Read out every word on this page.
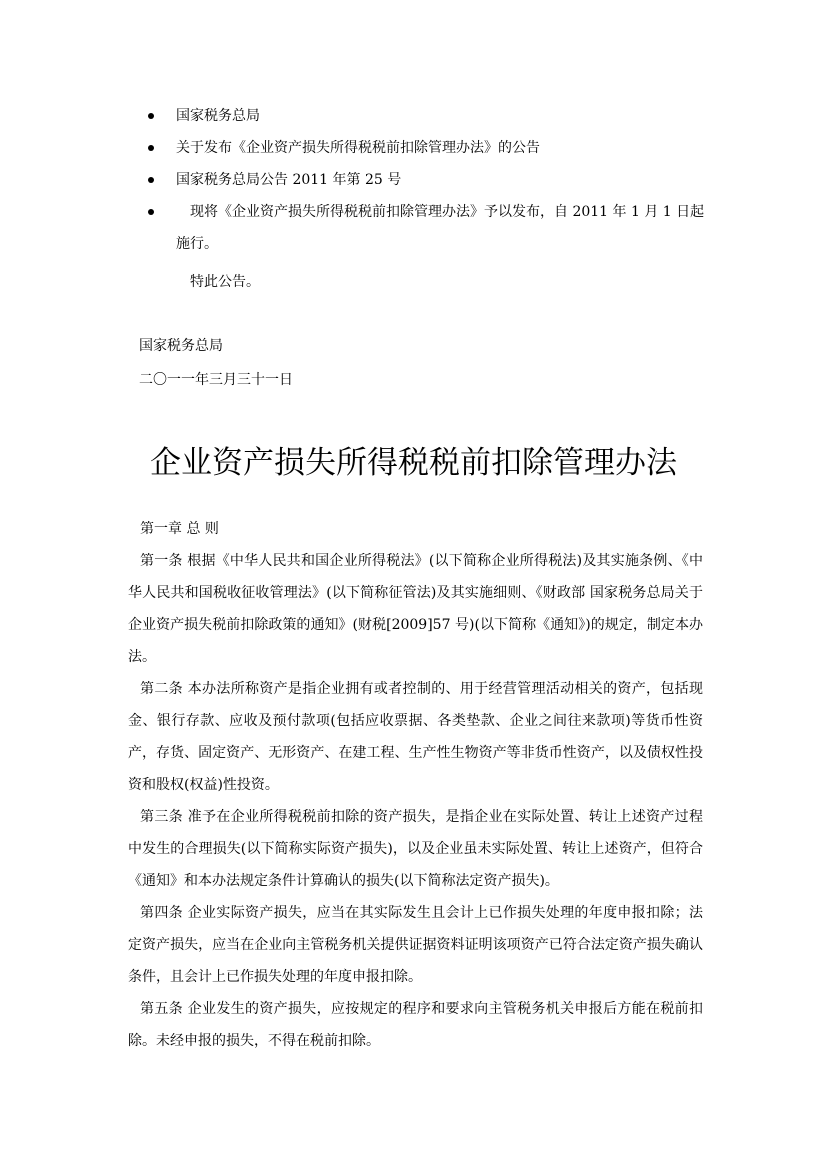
国家税务总局
关于发布《企业资产损失所得税税前扣除管理办法》的公告
国家税务总局公告 2011 年第 25 号
现将《企业资产损失所得税税前扣除管理办法》予以发布，自 2011 年 1 月 1 日起施行。
特此公告。
国家税务总局
二〇一一年三月三十一日
企业资产损失所得税税前扣除管理办法

第一章 总 则

第一条 根据《中华人民共和国企业所得税法》(以下简称企业所得税法)及其实施条例、《中华人民共和国税收征收管理法》(以下简称征管法)及其实施细则、《财政部 国家税务总局关于企业资产损失税前扣除政策的通知》(财税[2009]57 号)(以下简称《通知》)的规定，制定本办法。

第二条 本办法所称资产是指企业拥有或者控制的、用于经营管理活动相关的资产，包括现金、银行存款、应收及预付款项(包括应收票据、各类垫款、企业之间往来款项)等货币性资产，存货、固定资产、无形资产、在建工程、生产性生物资产等非货币性资产，以及债权性投资和股权(权益)性投资。

第三条 准予在企业所得税税前扣除的资产损失，是指企业在实际处置、转让上述资产过程中发生的合理损失(以下简称实际资产损失)，以及企业虽未实际处置、转让上述资产，但符合《通知》和本办法规定条件计算确认的损失(以下简称法定资产损失)。

第四条 企业实际资产损失，应当在其实际发生且会计上已作损失处理的年度申报扣除；法定资产损失，应当在企业向主管税务机关提供证据资料证明该项资产已符合法定资产损失确认条件，且会计上已作损失处理的年度申报扣除。

第五条 企业发生的资产损失，应按规定的程序和要求向主管税务机关申报后方能在税前扣除。未经申报的损失，不得在税前扣除。
